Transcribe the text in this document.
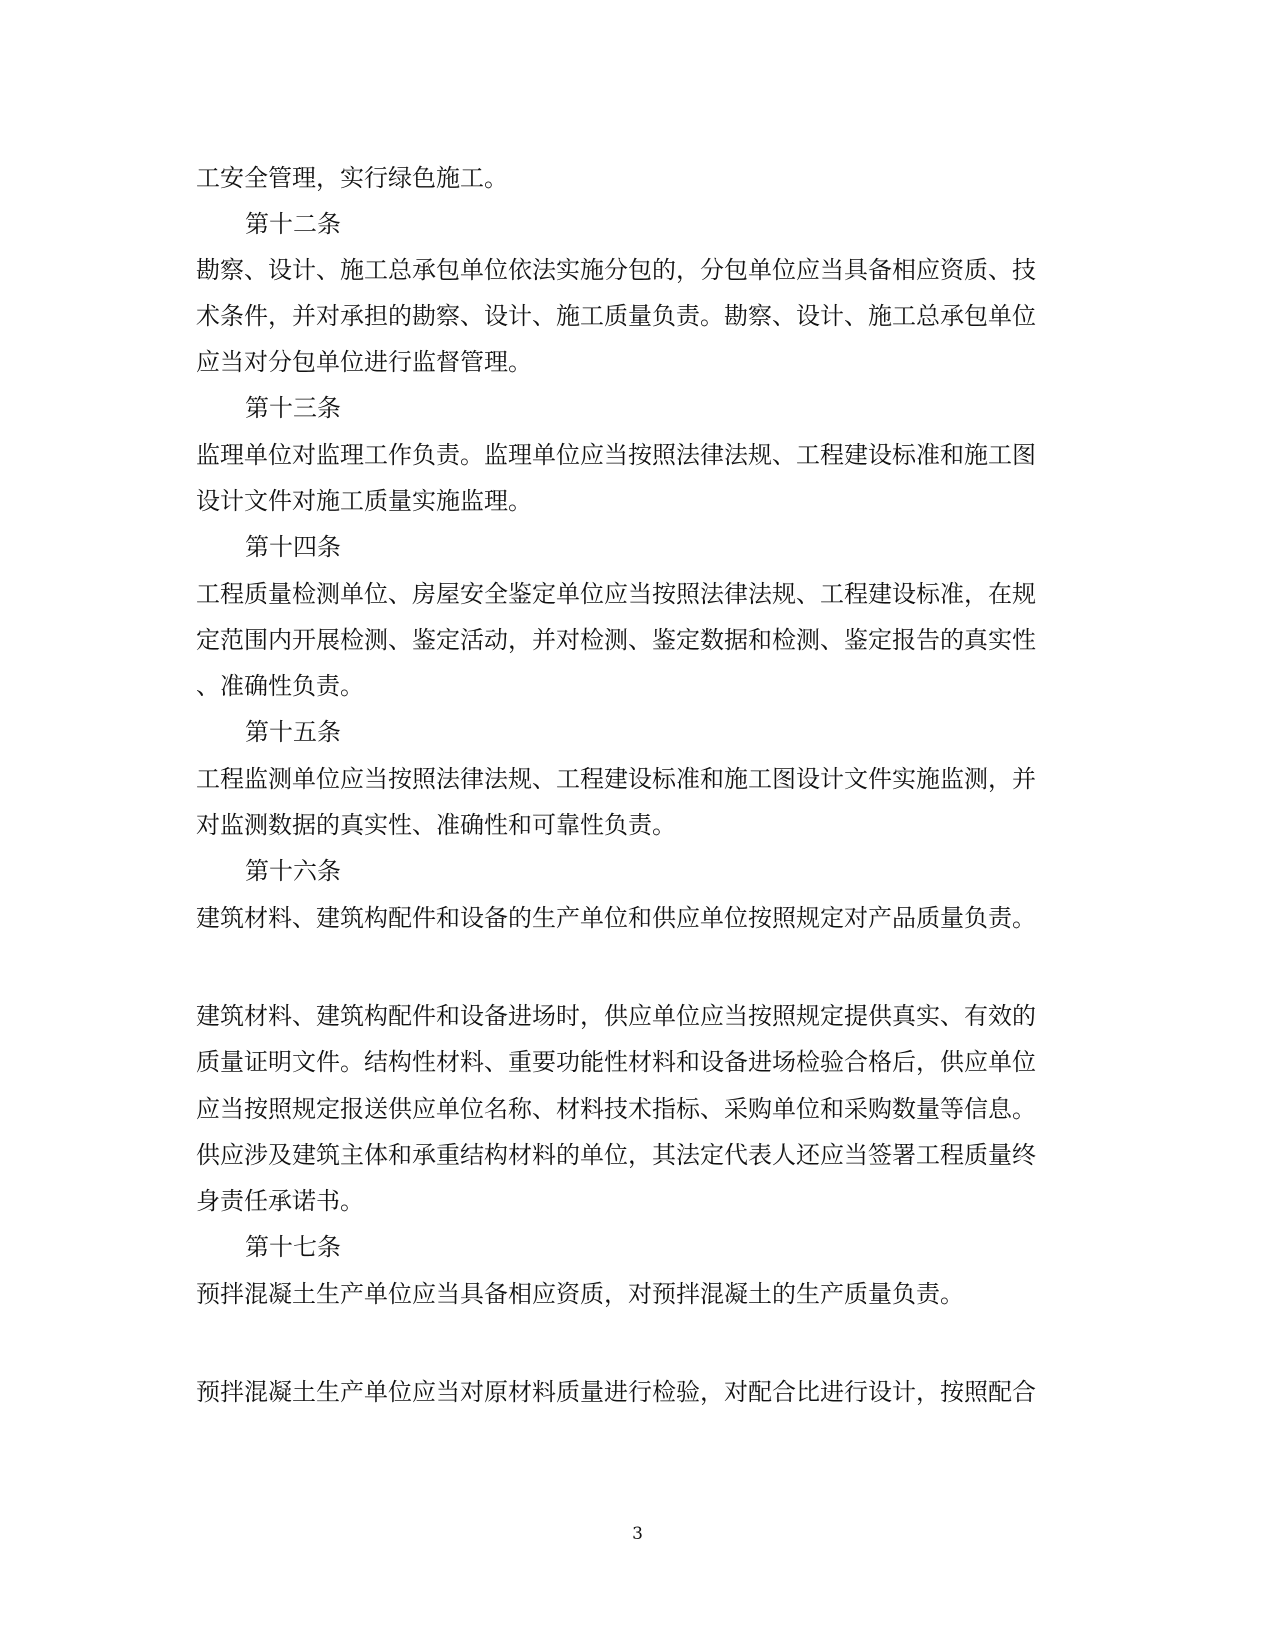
工安全管理，实行绿色施工。
第十二条
勘察、设计、施工总承包单位依法实施分包的，分包单位应当具备相应资质、技
术条件，并对承担的勘察、设计、施工质量负责。勘察、设计、施工总承包单位
应当对分包单位进行监督管理。
第十三条
监理单位对监理工作负责。监理单位应当按照法律法规、工程建设标准和施工图
设计文件对施工质量实施监理。
第十四条
工程质量检测单位、房屋安全鉴定单位应当按照法律法规、工程建设标准，在规
定范围内开展检测、鉴定活动，并对检测、鉴定数据和检测、鉴定报告的真实性
、准确性负责。
第十五条
工程监测单位应当按照法律法规、工程建设标准和施工图设计文件实施监测，并
对监测数据的真实性、准确性和可靠性负责。
第十六条
建筑材料、建筑构配件和设备的生产单位和供应单位按照规定对产品质量负责。
建筑材料、建筑构配件和设备进场时，供应单位应当按照规定提供真实、有效的
质量证明文件。结构性材料、重要功能性材料和设备进场检验合格后，供应单位
应当按照规定报送供应单位名称、材料技术指标、采购单位和采购数量等信息。
供应涉及建筑主体和承重结构材料的单位，其法定代表人还应当签署工程质量终
身责任承诺书。
第十七条
预拌混凝土生产单位应当具备相应资质，对预拌混凝土的生产质量负责。
预拌混凝土生产单位应当对原材料质量进行检验，对配合比进行设计，按照配合
3
